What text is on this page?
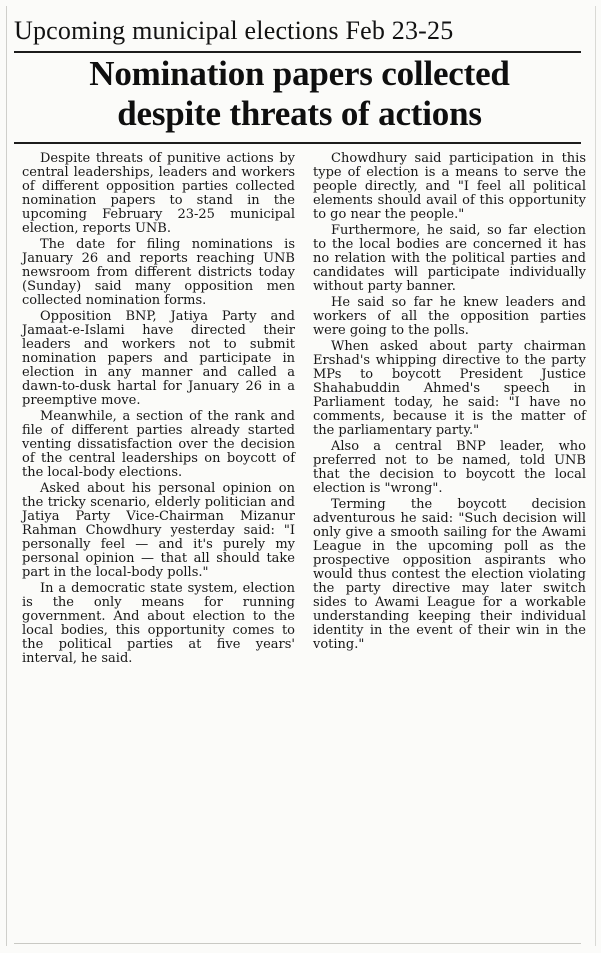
Upcoming municipal elections Feb 23-25
Nomination papers collected
despite threats of actions

Despite threats of punitive actions by central leaderships, leaders and workers of different opposition parties collected nomination papers to stand in the upcoming February 23-25 municipal election, reports UNB.

The date for filing nominations is January 26 and reports reaching UNB newsroom from different districts today (Sunday) said many opposition men collected nomination forms.

Opposition BNP, Jatiya Party and Jamaat-e-Islami have directed their leaders and workers not to submit nomination papers and participate in election in any manner and called a dawn-to-dusk hartal for January 26 in a preemptive move.

Meanwhile, a section of the rank and file of different parties already started venting dissatisfaction over the decision of the central leaderships on boycott of the local-body elections.

Asked about his personal opinion on the tricky scenario, elderly politician and Jatiya Party Vice-Chairman Mizanur Rahman Chowdhury yesterday said: "I personally feel — and it's purely my personal opinion — that all should take part in the local-body polls."

In a democratic state system, election is the only means for running government. And about election to the local bodies, this opportunity comes to the political parties at five years' interval, he said.

Chowdhury said participation in this type of election is a means to serve the people directly, and "I feel all political elements should avail of this opportunity to go near the people."

Furthermore, he said, so far election to the local bodies are concerned it has no relation with the political parties and candidates will participate individually without party banner.

He said so far he knew leaders and workers of all the opposition parties were going to the polls.

When asked about party chairman Ershad's whipping directive to the party MPs to boycott President Justice Shahabuddin Ahmed's speech in Parliament today, he said: "I have no comments, because it is the matter of the parliamentary party."

Also a central BNP leader, who preferred not to be named, told UNB that the decision to boycott the local election is "wrong".

Terming the boycott decision adventurous he said: "Such decision will only give a smooth sailing for the Awami League in the upcoming poll as the prospective opposition aspirants who would thus contest the election violating the party directive may later switch sides to Awami League for a workable understanding keeping their individual identity in the event of their win in the voting."
